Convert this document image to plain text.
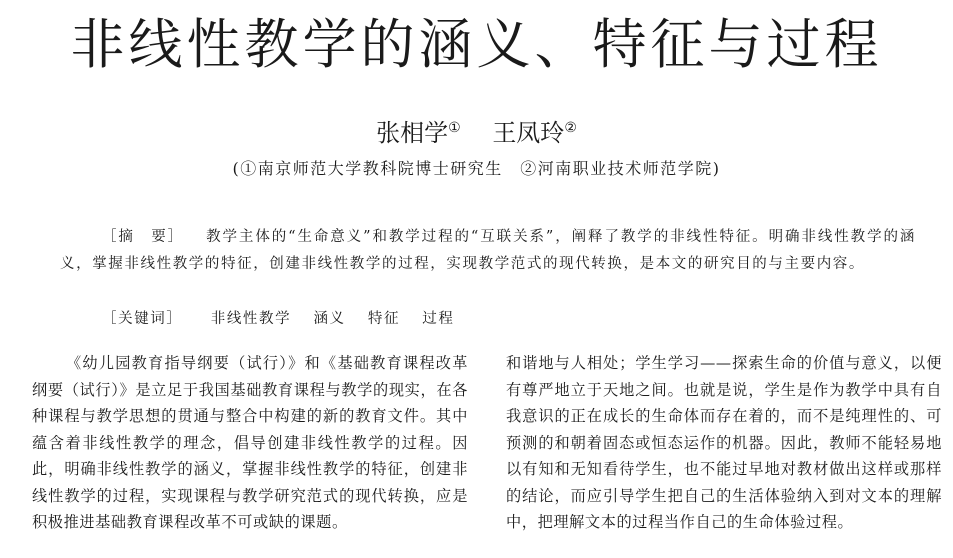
非线性教学的涵义、特征与过程
张相学① 王凤玲②
(①南京师范大学教科院博士研究生　②河南职业技术师范学院)

［摘　要］ 教学主体的“生命意义”和教学过程的“互联关系”，阐释了教学的非线性特征。明确非线性教学的涵义，掌握非线性教学的特征，创建非线性教学的过程，实现教学范式的现代转换，是本文的研究目的与主要内容。

［关键词］ 非线性教学 涵义 特征 过程

《幼儿园教育指导纲要（试行）》和《基础教育课程改革纲要（试行）》是立足于我国基础教育课程与教学的现实，在各种课程与教学思想的贯通与整合中构建的新的教育文件。其中蕴含着非线性教学的理念，倡导创建非线性教学的过程。因此，明确非线性教学的涵义，掌握非线性教学的特征，创建非线性教学的过程，实现课程与教学研究范式的现代转换，应是积极推进基础教育课程改革不可或缺的课题。

和谐地与人相处；学生学习——探索生命的价值与意义，以便有尊严地立于天地之间。也就是说，学生是作为教学中具有自我意识的正在成长的生命体而存在着的，而不是纯理性的、可预测的和朝着固态或恒态运作的机器。因此，教师不能轻易地以有知和无知看待学生，也不能过早地对教材做出这样或那样的结论，而应引导学生把自己的生活体验纳入到对文本的理解中，把理解文本的过程当作自己的生命体验过程。
